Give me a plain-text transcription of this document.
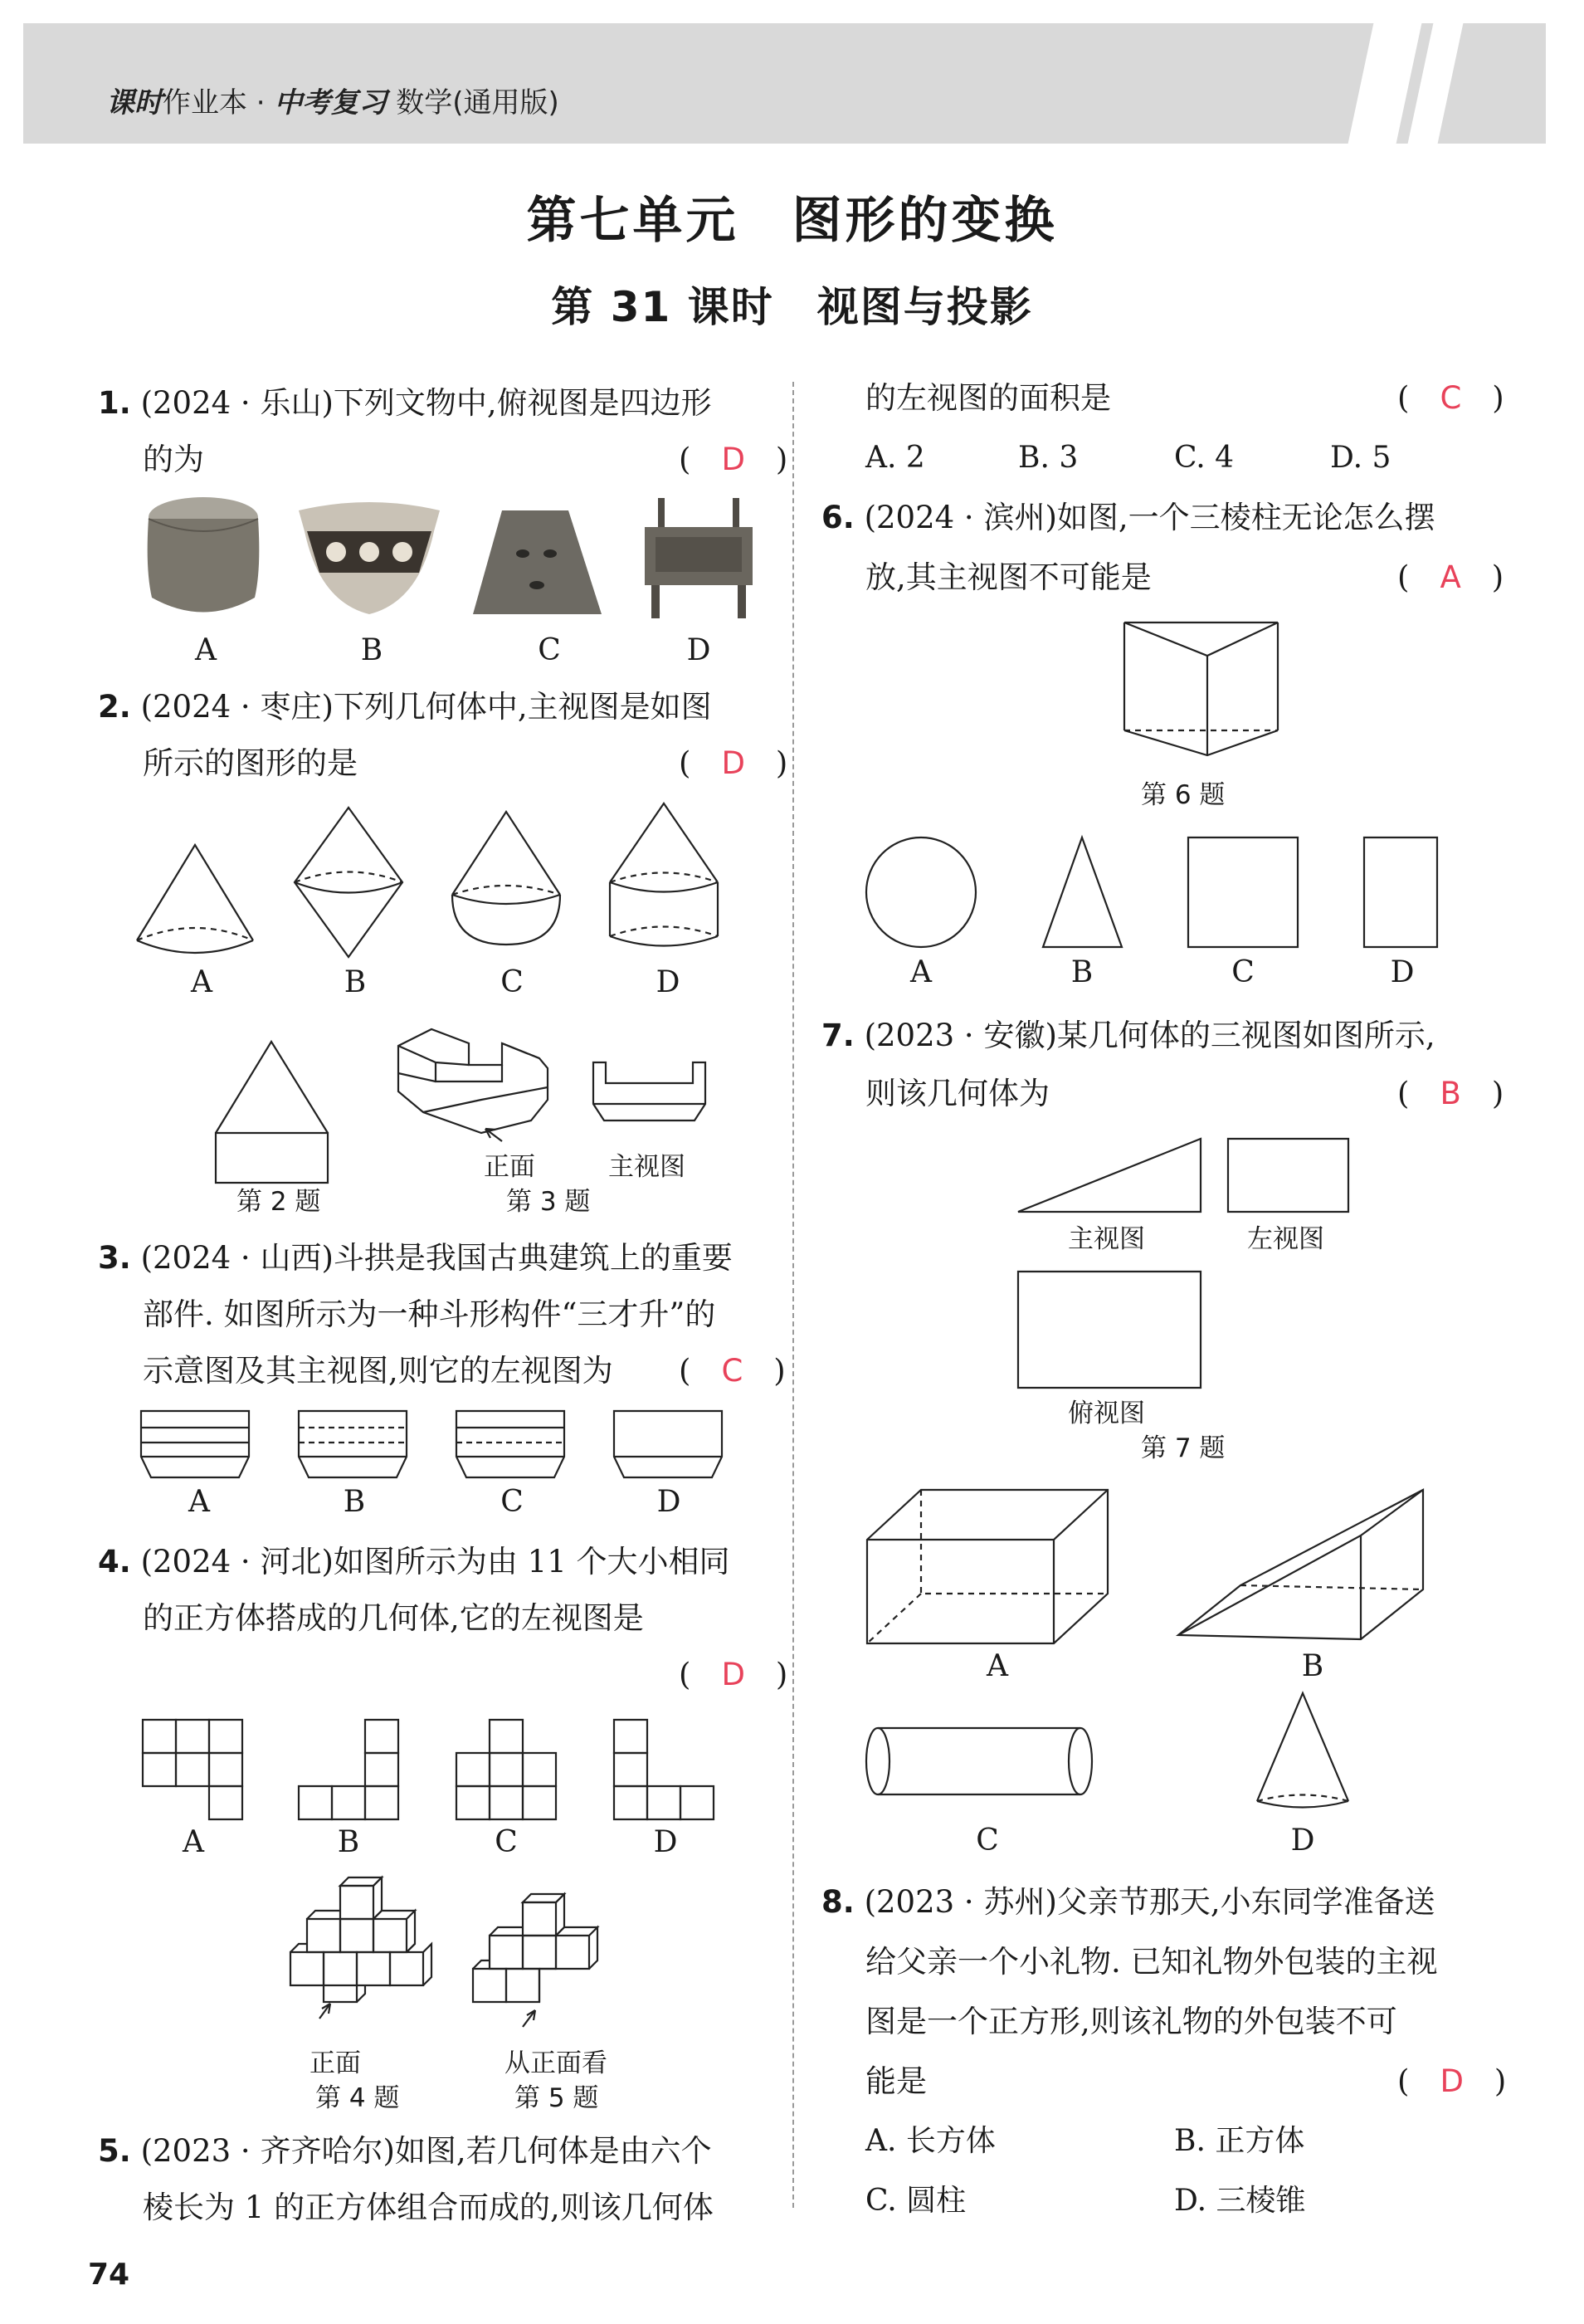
课时作业本 · 中考复习 数学(通用版)
第七单元　图形的变换
第 31 课时　视图与投影
1. (2024 · 乐山)下列文物中,俯视图是四边形
的为	(　D　)
A	B	C	D
2. (2024 · 枣庄)下列几何体中,主视图是如图
所示的图形的是	(　D　)
A	B	C	D
第 2 题
正面	主视图
第 3 题
3. (2024 · 山西)斗拱是我国古典建筑上的重要
部件. 如图所示为一种斗形构件“三才升”的
示意图及其主视图,则它的左视图为 (　C　)
A	B	C	D
4. (2024 · 河北)如图所示为由 11 个大小相同
的正方体搭成的几何体,它的左视图是
(　D　)
A	B	C	D
正面
第 4 题
从正面看
第 5 题
5. (2023 · 齐齐哈尔)如图,若几何体是由六个
棱长为 1 的正方体组合而成的,则该几何体
的左视图的面积是	(　C　)
A. 2	B. 3	C. 4	D. 5
6. (2024 · 滨州)如图,一个三棱柱无论怎么摆
放,其主视图不可能是	(　A　)
第 6 题
A	B	C	D
7. (2023 · 安徽)某几何体的三视图如图所示,
则该几何体为	(　B　)
主视图	左视图
俯视图
第 7 题
A	B
C	D
8. (2023 · 苏州)父亲节那天,小东同学准备送
给父亲一个小礼物. 已知礼物外包装的主视
图是一个正方形,则该礼物的外包装不可
能是	(　D　)
A. 长方体	B. 正方体
C. 圆柱	D. 三棱锥
74
